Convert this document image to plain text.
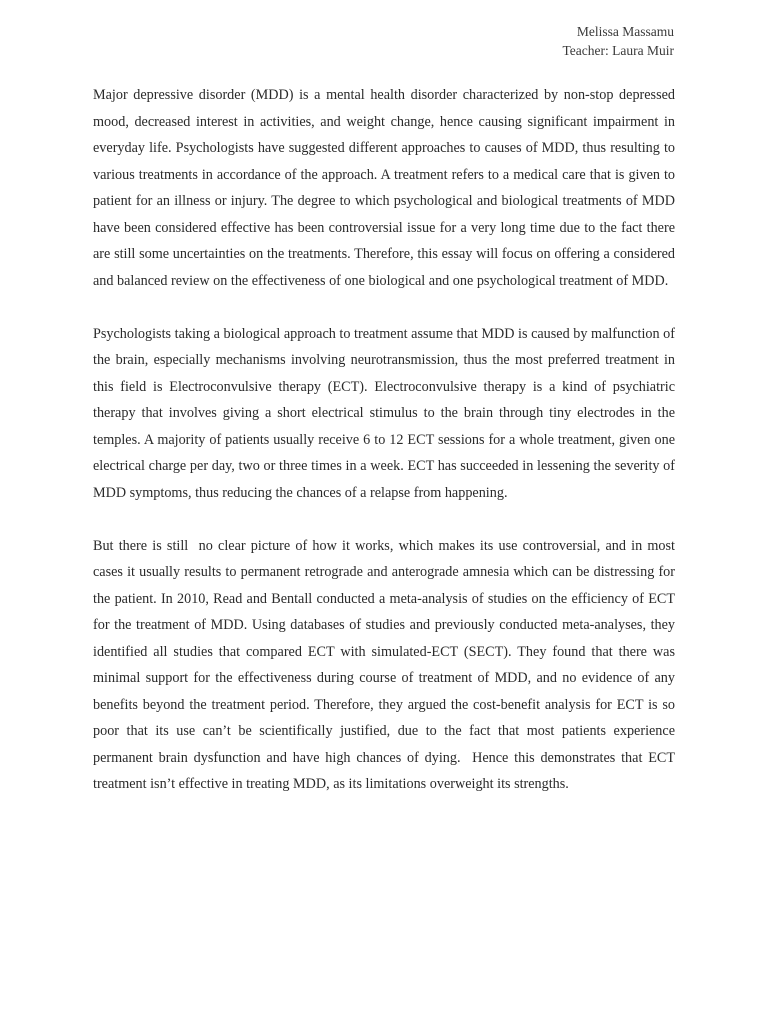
Melissa Massamu
Teacher: Laura Muir

Major depressive disorder (MDD) is a mental health disorder characterized by non-stop depressed mood, decreased interest in activities, and weight change, hence causing significant impairment in everyday life. Psychologists have suggested different approaches to causes of MDD, thus resulting to various treatments in accordance of the approach. A treatment refers to a medical care that is given to patient for an illness or injury. The degree to which psychological and biological treatments of MDD have been considered effective has been controversial issue for a very long time due to the fact there are still some uncertainties on the treatments. Therefore, this essay will focus on offering a considered and balanced review on the effectiveness of one biological and one psychological treatment of MDD.

Psychologists taking a biological approach to treatment assume that MDD is caused by malfunction of the brain, especially mechanisms involving neurotransmission, thus the most preferred treatment in this field is Electroconvulsive therapy (ECT). Electroconvulsive therapy is a kind of psychiatric therapy that involves giving a short electrical stimulus to the brain through tiny electrodes in the temples. A majority of patients usually receive 6 to 12 ECT sessions for a whole treatment, given one electrical charge per day, two or three times in a week. ECT has succeeded in lessening the severity of MDD symptoms, thus reducing the chances of a relapse from happening.

But there is still  no clear picture of how it works, which makes its use controversial, and in most cases it usually results to permanent retrograde and anterograde amnesia which can be distressing for the patient. In 2010, Read and Bentall conducted a meta-analysis of studies on the efficiency of ECT for the treatment of MDD. Using databases of studies and previously conducted meta-analyses, they identified all studies that compared ECT with simulated-ECT (SECT). They found that there was minimal support for the effectiveness during course of treatment of MDD, and no evidence of any benefits beyond the treatment period. Therefore, they argued the cost-benefit analysis for ECT is so poor that its use can’t be scientifically justified, due to the fact that most patients experience permanent brain dysfunction and have high chances of dying.  Hence this demonstrates that ECT treatment isn’t effective in treating MDD, as its limitations overweight its strengths.
